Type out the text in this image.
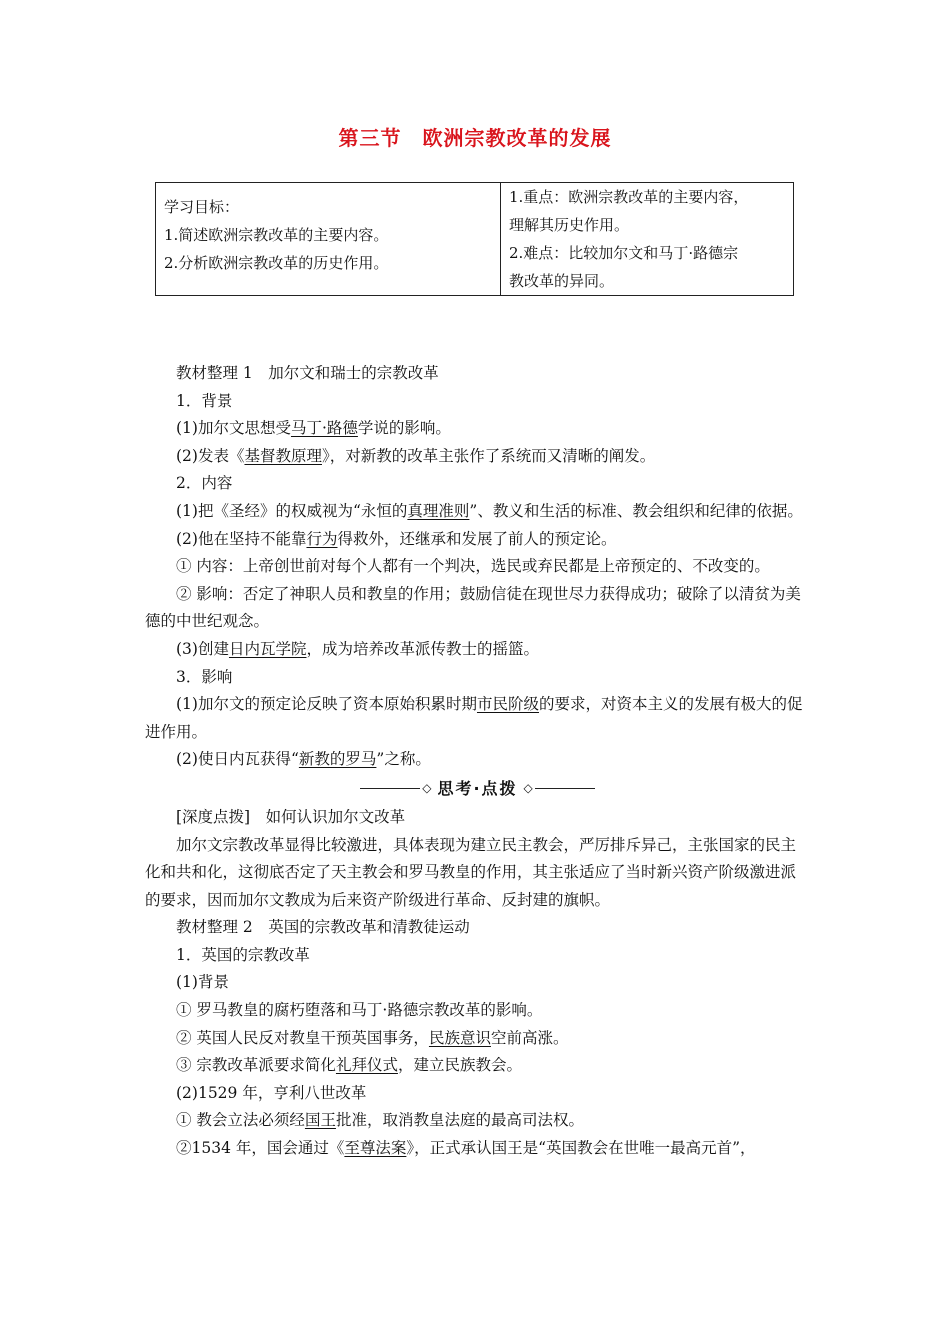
第三节　欧洲宗教改革的发展
学习目标：
1.简述欧洲宗教改革的主要内容。
2.分析欧洲宗教改革的历史作用。
1.重点：欧洲宗教改革的主要内容，
理解其历史作用。
2.难点：比较加尔文和马丁·路德宗
教改革的异同。

教材整理 1　加尔文和瑞士的宗教改革

1．背景

(1)加尔文思想受马丁·路德学说的影响。

(2)发表《基督教原理》，对新教的改革主张作了系统而又清晰的阐发。

2．内容

(1)把《圣经》的权威视为“永恒的真理准则”、教义和生活的标准、教会组织和纪律的依据。

(2)他在坚持不能靠行为得救外，还继承和发展了前人的预定论。

① 内容：上帝创世前对每个人都有一个判决，选民或弃民都是上帝预定的、不改变的。

② 影响：否定了神职人员和教皇的作用；鼓励信徒在现世尽力获得成功；破除了以清贫为美德的中世纪观念。

(3)创建日内瓦学院，成为培养改革派传教士的摇篮。

3．影响

(1)加尔文的预定论反映了资本原始积累时期市民阶级的要求，对资本主义的发展有极大的促进作用。

(2)使日内瓦获得“新教的罗马”之称。

◇ 思考·点拨 ◇

[深度点拨]　如何认识加尔文改革

加尔文宗教改革显得比较激进，具体表现为建立民主教会，严厉排斥异己，主张国家的民主化和共和化，这彻底否定了天主教会和罗马教皇的作用，其主张适应了当时新兴资产阶级激进派的要求，因而加尔文教成为后来资产阶级进行革命、反封建的旗帜。

教材整理 2　英国的宗教改革和清教徒运动

1．英国的宗教改革

(1)背景

① 罗马教皇的腐朽堕落和马丁·路德宗教改革的影响。

② 英国人民反对教皇干预英国事务，民族意识空前高涨。

③ 宗教改革派要求简化礼拜仪式，建立民族教会。

(2)1529 年，亨利八世改革

① 教会立法必须经国王批准，取消教皇法庭的最高司法权。

②1534 年，国会通过《至尊法案》，正式承认国王是“英国教会在世唯一最高元首”，
